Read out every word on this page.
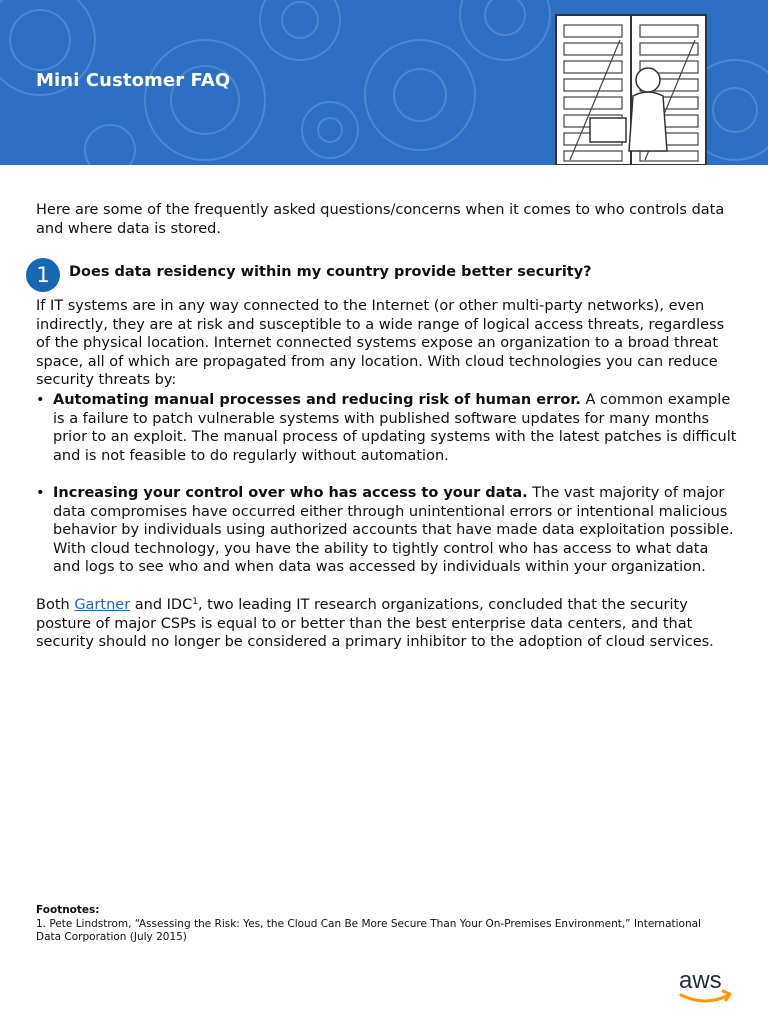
Mini Customer FAQ

Here are some of the frequently asked questions/concerns when it comes to who controls data and where data is stored.

1	Does data residency within my country provide better security?

If IT systems are in any way connected to the Internet (or other multi-party networks), even indirectly, they are at risk and susceptible to a wide range of logical access threats, regardless of the physical location. Internet connected systems expose an organization to a broad threat space, all of which are propagated from any location. With cloud technologies you can reduce security threats by:

• Automating manual processes and reducing risk of human error. A common example is a failure to patch vulnerable systems with published software updates for many months prior to an exploit. The manual process of updating systems with the latest patches is difficult and is not feasible to do regularly without automation.
• Increasing your control over who has access to your data. The vast majority of major data compromises have occurred either through unintentional errors or intentional malicious behavior by individuals using authorized accounts that have made data exploitation possible. With cloud technology, you have the ability to tightly control who has access to what data and logs to see who and when data was accessed by individuals within your organization.

Both Gartner and IDC$^1$, two leading IT research organizations, concluded that the security posture of major CSPs is equal to or better than the best enterprise data centers, and that security should no longer be considered a primary inhibitor to the adoption of cloud services.

Footnotes:
1. Pete Lindstrom, “Assessing the Risk: Yes, the Cloud Can Be More Secure Than Your On-Premises Environment,” International Data Corporation (July 2015)
aws
